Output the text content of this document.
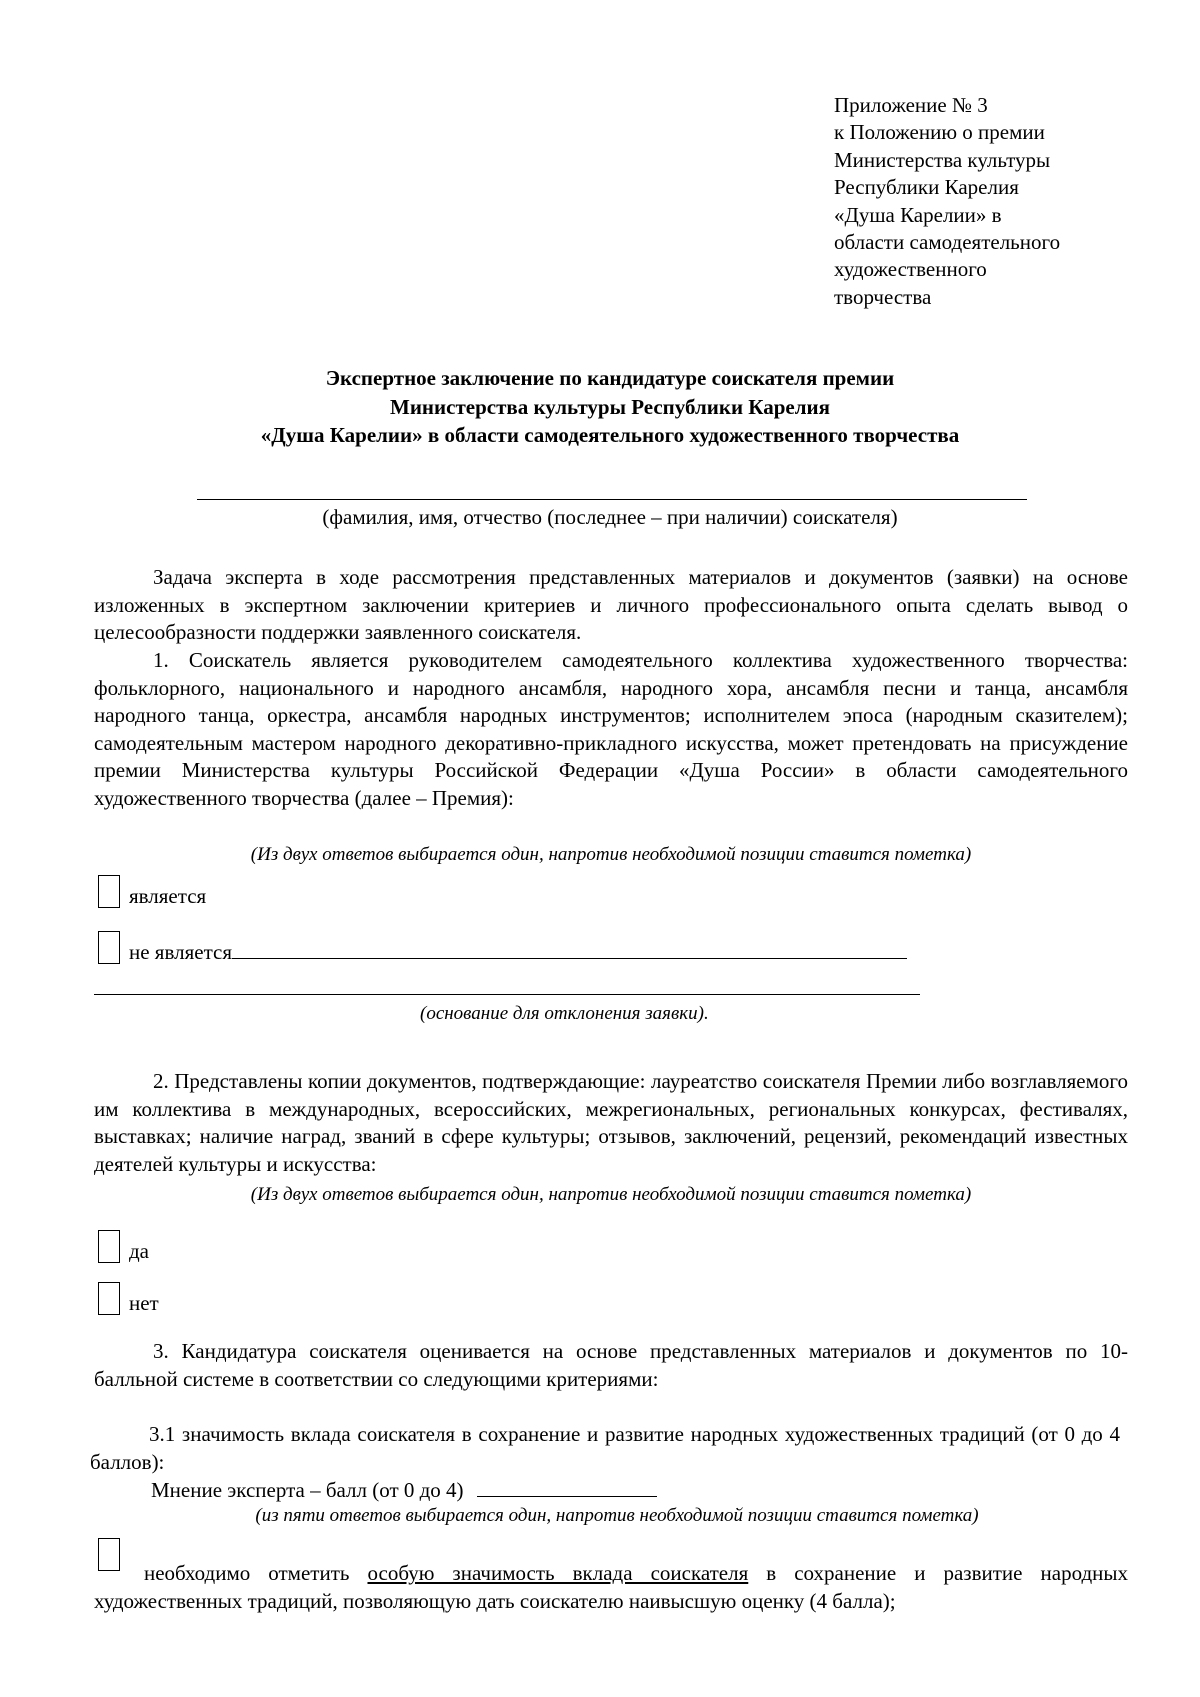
Приложение № 3
к Положению о премии
Министерства культуры
Республики Карелия
«Душа Карелии» в
области самодеятельного
художественного
творчества
Экспертное заключение по кандидатуре соискателя премии
Министерства культуры Республики Карелия
«Душа Карелии» в области самодеятельного художественного творчества
(фамилия, имя, отчество (последнее – при наличии) соискателя)
Задача эксперта в ходе рассмотрения представленных материалов и документов (заявки) на основе изложенных в экспертном заключении критериев и личного профессионального опыта сделать вывод о целесообразности поддержки заявленного соискателя.
1. Соискатель является руководителем самодеятельного коллектива художественного творчества: фольклорного, национального и народного ансамбля, народного хора, ансамбля песни и танца, ансамбля народного танца, оркестра, ансамбля народных инструментов; исполнителем эпоса (народным сказителем); самодеятельным мастером народного декоративно-прикладного искусства, может претендовать на присуждение премии Министерства культуры Российской Федерации «Душа России» в области самодеятельного художественного творчества (далее – Премия):
(Из двух ответов выбирается один, напротив необходимой позиции ставится пометка)
является
не является
(основание для отклонения заявки).
2. Представлены копии документов, подтверждающие: лауреатство соискателя Премии либо возглавляемого им коллектива в международных, всероссийских, межрегиональных, региональных конкурсах, фестивалях, выставках; наличие наград, званий в сфере культуры; отзывов, заключений, рецензий, рекомендаций известных деятелей культуры и искусства:
(Из двух ответов выбирается один, напротив необходимой позиции ставится пометка)
да
нет
3. Кандидатура соискателя оценивается на основе представленных материалов и документов по 10-балльной системе в соответствии со следующими критериями:
3.1 значимость вклада соискателя в сохранение и развитие народных художественных традиций (от 0 до 4 баллов):
Мнение эксперта – балл (от 0 до 4)
(из пяти ответов выбирается один, напротив необходимой позиции ставится пометка)
необходимо отметить особую значимость вклада соискателя в сохранение и развитие народных художественных традиций, позволяющую дать соискателю наивысшую оценку (4 балла);
